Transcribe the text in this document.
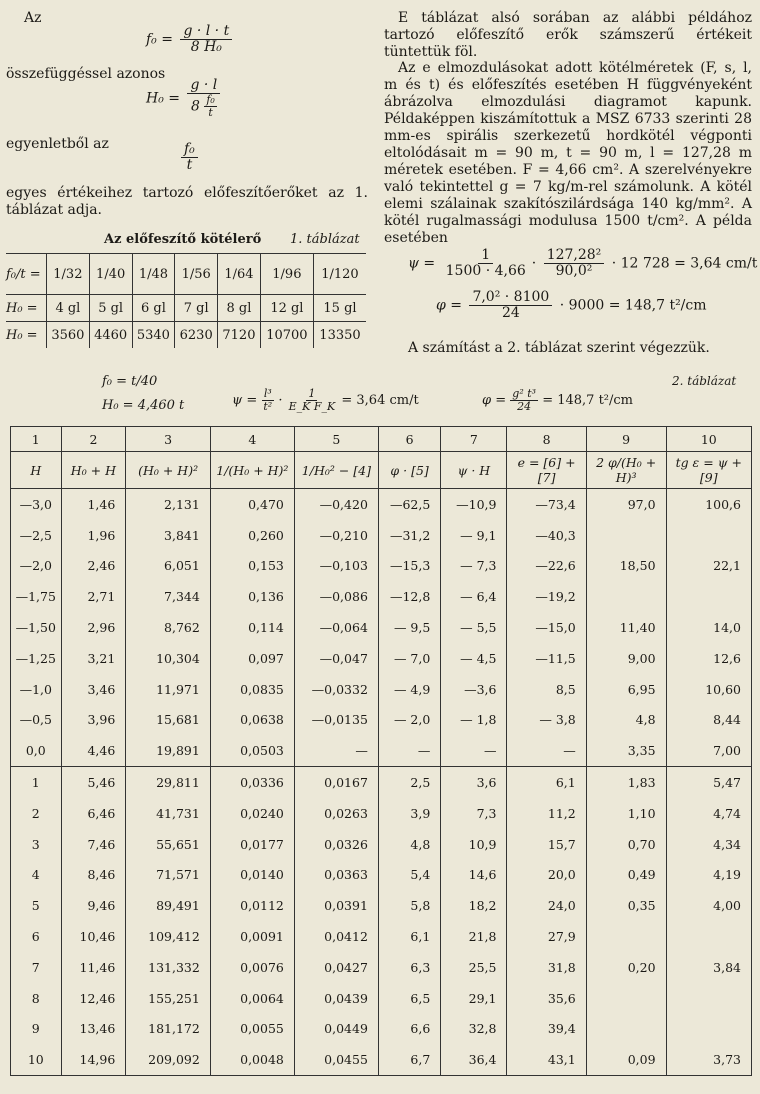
Az
$f_0 = \frac{g \cdot l \cdot t}{\text{8 H₀}}$
összefüggéssel azonos
$H_0 = \frac{g \cdot l}{8 \frac{\text{f₀}}{t}}$
egyenletből az	$\frac{\text{f₀}}{t}$
egyes értékeihez tartozó előfeszítőerőket az 1. táblázat adja.
Az előfeszítő kötélerő 1. táblázat
f₀/t =	1/32	1/40	1/48	1/56	1/64	1/96	1/120
H₀ =	4 gl	5 gl	6 gl	7 gl	8 gl	12 gl	15 gl
H₀ =	3560	4460	5340	6230	7120	10700	13350
E táblázat alsó sorában az alábbi példához tartozó előfeszítő erők számszerű értékeit tüntettük föl.
Az e elmozdulásokat adott kötélméretek (F, s, l, m és t) és előfeszítés esetében H függvényeként ábrázolva elmozdulási diagramot kapunk. Példaképpen kiszámítottuk a MSZ 6733 szerinti 28 mm-es spirális szerkezetű hordkötél végponti eltolódásait m = 90 m, t = 90 m, l = 127,28 m méretek esetében. F = 4,66 cm². A szerelvényekre való tekintettel g = 7 kg/m-rel számolunk. A kötél elemi szálainak szakítószilárdsága 140 kg/mm². A kötél rugalmassági modulusa 1500 t/cm². A példa esetében
$\psi = \frac{1}{1500 \cdot 4,66} \cdot \frac{\text{127,28²}}{\text{90,0²}} \cdot 12$ 728 = 3,64 cm/t
$\varphi = \frac{\text{7,0² · 8100}}{24} \cdot 9000 = 148,7$ t²/cm
A számítást a 2. táblázat szerint végezzük.
f₀ = t/40
H₀ = 4,460 t	$\psi = \frac{\text{l³}}{\text{t²}} \cdot \frac{1}{\text{E\_K F\_K}} = 3,64$ cm/t	$\varphi = \frac{\text{g² t³}}{24} = 148,7$ t²/cm
2. táblázat
1	2	3	4	5	6	7	8	9	10
H	H₀ + H	(H₀ + H)²	1/(H₀ + H)²	1/H₀² − [4]	φ · [5]	ψ · H	e = [6] + [7]	2 φ/(H₀ + H)³	tg ε = ψ + [9]
—3,0	1,46	2,131	0,470	—0,420	—62,5	—10,9	—73,4	97,0	100,6
—2,5	1,96	3,841	0,260	—0,210	—31,2	— 9,1	—40,3		
—2,0	2,46	6,051	0,153	—0,103	—15,3	— 7,3	—22,6	18,50	22,1
—1,75	2,71	7,344	0,136	—0,086	—12,8	— 6,4	—19,2		
—1,50	2,96	8,762	0,114	—0,064	— 9,5	— 5,5	—15,0	11,40	14,0
—1,25	3,21	10,304	0,097	—0,047	— 7,0	— 4,5	—11,5	9,00	12,6
—1,0	3,46	11,971	0,0835	—0,0332	— 4,9	—3,6	8,5	6,95	10,60
—0,5	3,96	15,681	0,0638	—0,0135	— 2,0	— 1,8	— 3,8	4,8	8,44
0,0	4,46	19,891	0,0503	—	—	—	—	3,35	7,00
1	5,46	29,811	0,0336	0,0167	2,5	3,6	6,1	1,83	5,47
2	6,46	41,731	0,0240	0,0263	3,9	7,3	11,2	1,10	4,74
3	7,46	55,651	0,0177	0,0326	4,8	10,9	15,7	0,70	4,34
4	8,46	71,571	0,0140	0,0363	5,4	14,6	20,0	0,49	4,19
5	9,46	89,491	0,0112	0,0391	5,8	18,2	24,0	0,35	4,00
6	10,46	109,412	0,0091	0,0412	6,1	21,8	27,9		
7	11,46	131,332	0,0076	0,0427	6,3	25,5	31,8	0,20	3,84
8	12,46	155,251	0,0064	0,0439	6,5	29,1	35,6		
9	13,46	181,172	0,0055	0,0449	6,6	32,8	39,4		
10	14,96	209,092	0,0048	0,0455	6,7	36,4	43,1	0,09	3,73
